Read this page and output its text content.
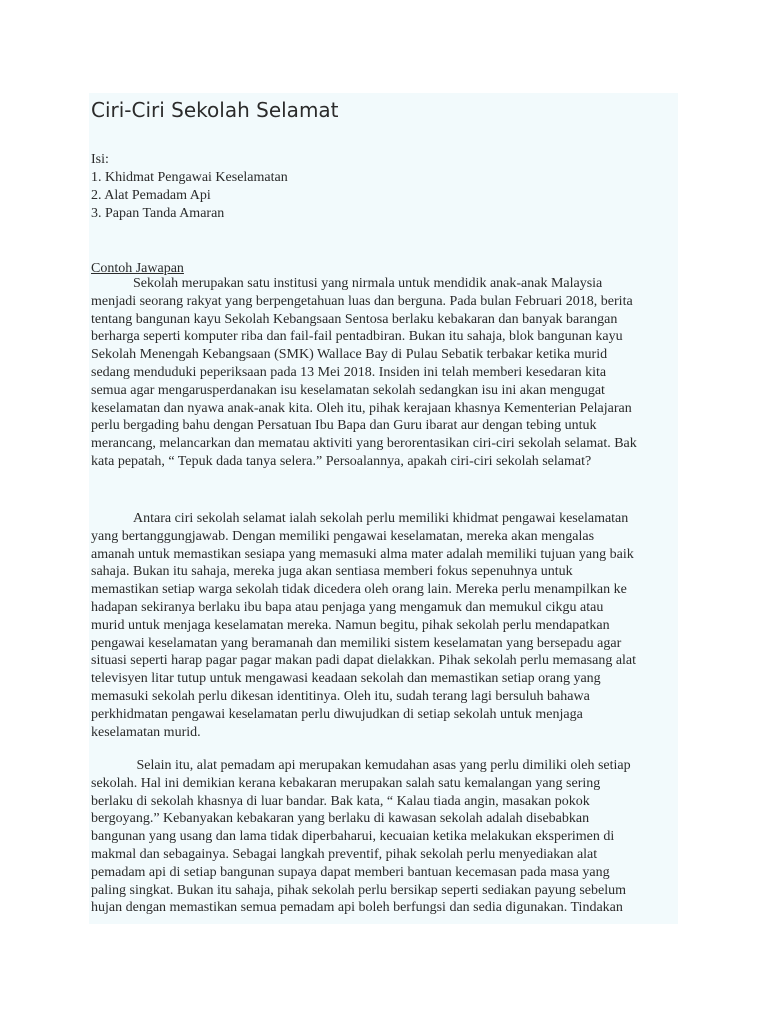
Ciri-Ciri Sekolah Selamat
Isi:
1. Khidmat Pengawai Keselamatan
2. Alat Pemadam Api
3. Papan Tanda Amaran
Contoh Jawapan
Sekolah merupakan satu institusi yang nirmala untuk mendidik anak-anak Malaysia
menjadi seorang rakyat yang berpengetahuan luas dan berguna. Pada bulan Februari 2018, berita
tentang bangunan kayu Sekolah Kebangsaan Sentosa berlaku kebakaran dan banyak barangan
berharga seperti komputer riba dan fail-fail pentadbiran. Bukan itu sahaja, blok bangunan kayu
Sekolah Menengah Kebangsaan (SMK) Wallace Bay di Pulau Sebatik terbakar ketika murid
sedang menduduki peperiksaan pada 13 Mei 2018. Insiden ini telah memberi kesedaran kita
semua agar mengarusperdanakan isu keselamatan sekolah sedangkan isu ini akan mengugat
keselamatan dan nyawa anak-anak kita. Oleh itu, pihak kerajaan khasnya Kementerian Pelajaran
perlu bergading bahu dengan Persatuan Ibu Bapa dan Guru ibarat aur dengan tebing untuk
merancang, melancarkan dan mematau aktiviti yang berorentasikan ciri-ciri sekolah selamat. Bak
kata pepatah, “ Tepuk dada tanya selera.” Persoalannya, apakah ciri-ciri sekolah selamat?
Antara ciri sekolah selamat ialah sekolah perlu memiliki khidmat pengawai keselamatan
yang bertanggungjawab. Dengan memiliki pengawai keselamatan, mereka akan mengalas
amanah untuk memastikan sesiapa yang memasuki alma mater adalah memiliki tujuan yang baik
sahaja. Bukan itu sahaja, mereka juga akan sentiasa memberi fokus sepenuhnya untuk
memastikan setiap warga sekolah tidak dicedera oleh orang lain. Mereka perlu menampilkan ke
hadapan sekiranya berlaku ibu bapa atau penjaga yang mengamuk dan memukul cikgu atau
murid untuk menjaga keselamatan mereka. Namun begitu, pihak sekolah perlu mendapatkan
pengawai keselamatan yang beramanah dan memiliki sistem keselamatan yang bersepadu agar
situasi seperti harap pagar pagar makan padi dapat dielakkan. Pihak sekolah perlu memasang alat
televisyen litar tutup untuk mengawasi keadaan sekolah dan memastikan setiap orang yang
memasuki sekolah perlu dikesan identitinya. Oleh itu, sudah terang lagi bersuluh bahawa
perkhidmatan pengawai keselamatan perlu diwujudkan di setiap sekolah untuk menjaga
keselamatan murid.
Selain itu, alat pemadam api merupakan kemudahan asas yang perlu dimiliki oleh setiap
sekolah. Hal ini demikian kerana kebakaran merupakan salah satu kemalangan yang sering
berlaku di sekolah khasnya di luar bandar. Bak kata, “ Kalau tiada angin, masakan pokok
bergoyang.” Kebanyakan kebakaran yang berlaku di kawasan sekolah adalah disebabkan
bangunan yang usang dan lama tidak diperbaharui, kecuaian ketika melakukan eksperimen di
makmal dan sebagainya. Sebagai langkah preventif, pihak sekolah perlu menyediakan alat
pemadam api di setiap bangunan supaya dapat memberi bantuan kecemasan pada masa yang
paling singkat. Bukan itu sahaja, pihak sekolah perlu bersikap seperti sediakan payung sebelum
hujan dengan memastikan semua pemadam api boleh berfungsi dan sedia digunakan. Tindakan
